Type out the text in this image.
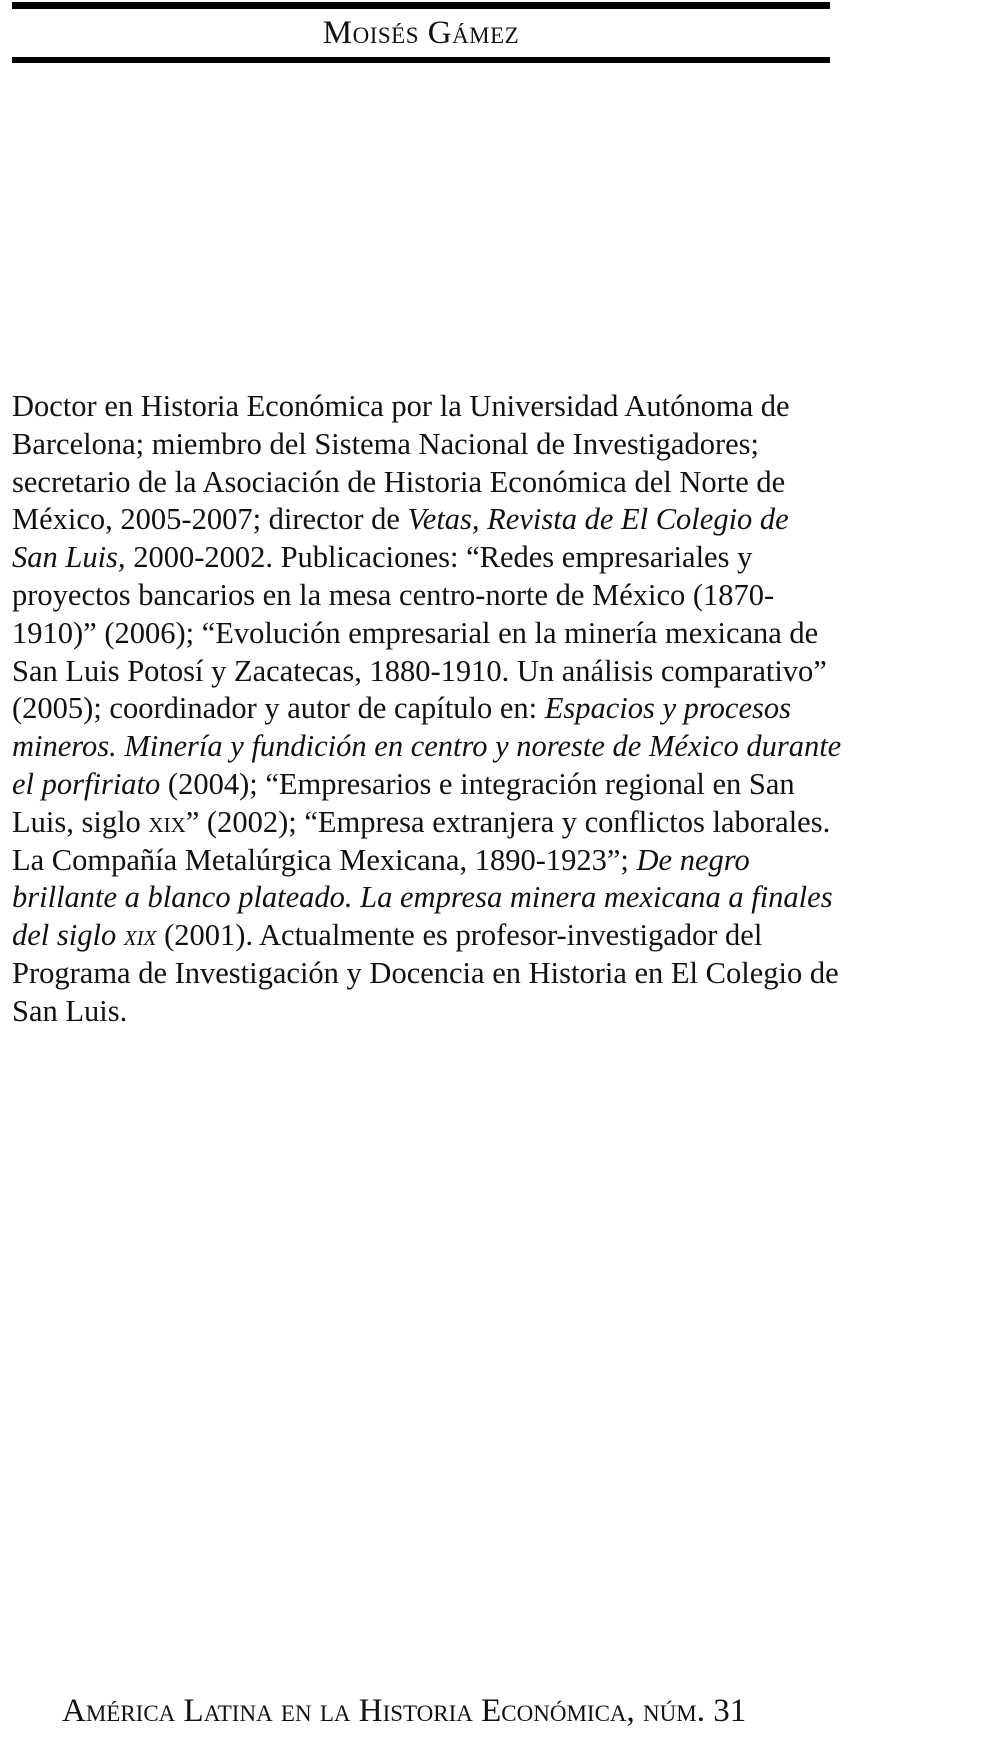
Moisés Gámez

Doctor en Historia Económica por la Universidad Autónoma de Barcelona; miembro del Sistema Nacional de Investigadores; secretario de la Asociación de Historia Económica del Norte de México, 2005-2007; director de Vetas, Revista de El Colegio de San Luis, 2000-2002. Publicaciones: “Redes empresariales y proyectos bancarios en la mesa centro-norte de México (1870-1910)” (2006); “Evolución empresarial en la minería mexicana de San Luis Potosí y Zacatecas, 1880-1910. Un análisis comparativo” (2005); coordinador y autor de capítulo en: Espacios y procesos mineros. Minería y fundición en centro y noreste de México durante el porfiriato (2004); “Empresarios e integración regional en San Luis, siglo xix” (2002); “Empresa extranjera y conflictos laborales. La Compañía Metalúrgica Mexicana, 1890-1923”; De negro brillante a blanco plateado. La empresa minera mexicana a finales del siglo xix (2001). Actualmente es profesor-investigador del Programa de Investigación y Docencia en Historia en El Colegio de San Luis.

América Latina en la Historia Económica, núm. 31
